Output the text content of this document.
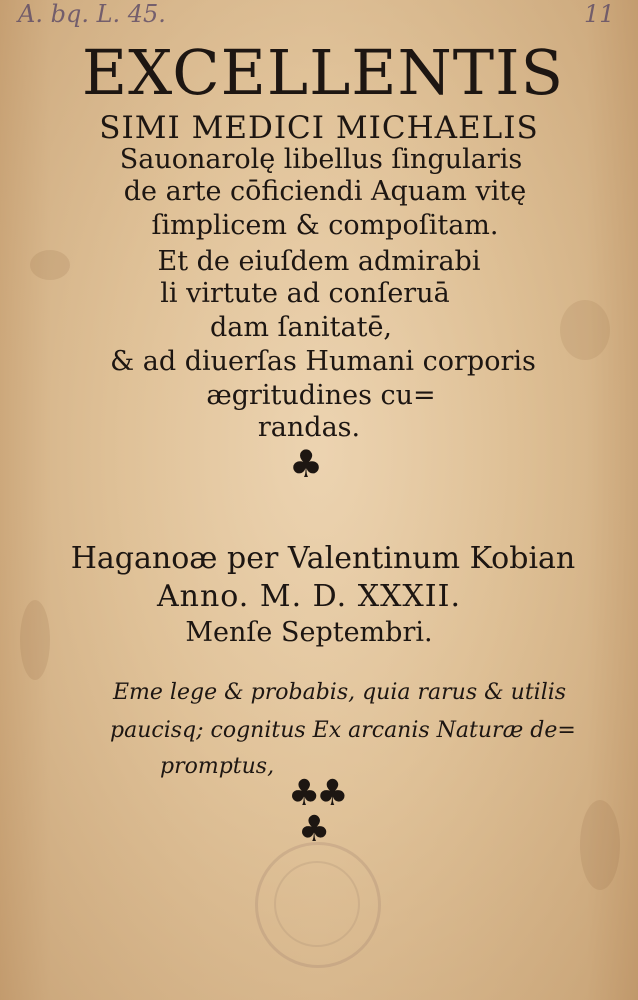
A. bq. L. 45.	11
EXCELLENTIS
SIMI MEDICI MICHAELIS
Sauonarolę libellus ſingularis
de arte cōficiendi Aquam vitę
ſimplicem & compoſitam.
Et de eiuſdem admirabi
li virtute ad conſeruā
dam ſanitatē,
& ad diuerſas Humani corporis
ægritudines cu=
randas.
♣
Haganoæ per Valentinum Kobian
Anno. M. D. XXXII.
Menſe Septembri.
Eme lege & probabis, quia rarus & utilis
paucisq; cognitus Ex arcanis Naturæ de=
promptus,
♣♣
♣
